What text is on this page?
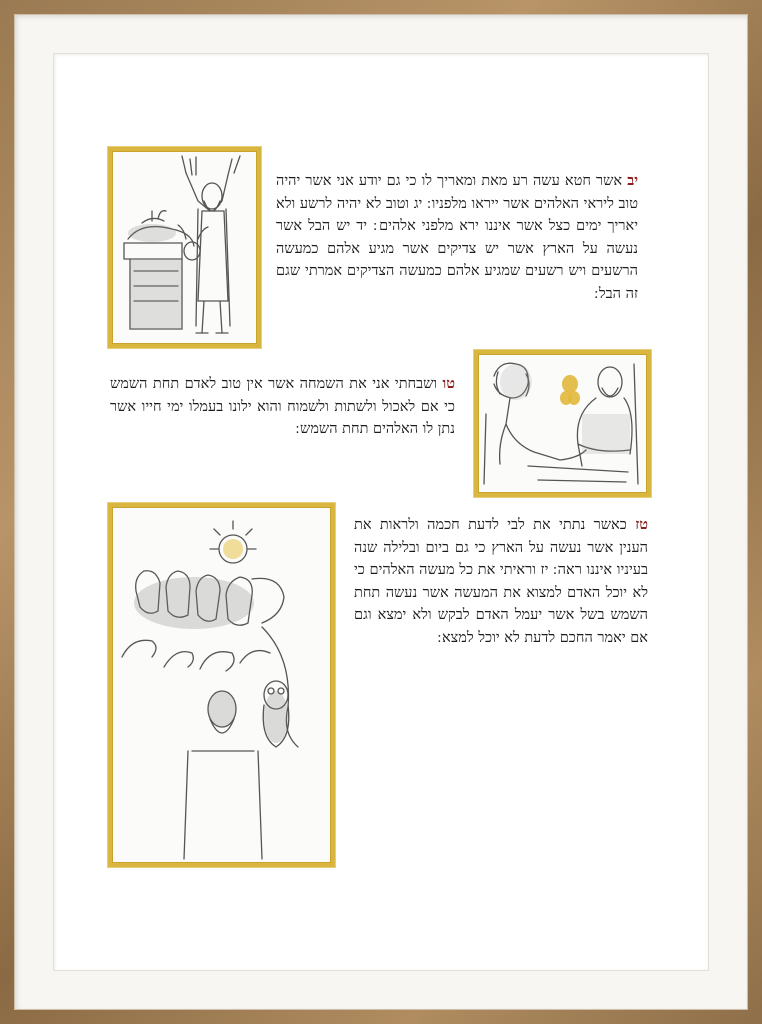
יב אשר חטא עשה רע מאת ומאריך לו כי גם יודע אני אשר יהיה טוב ליראי האלהים אשר ייראו מלפניו ׃ יג וטוב לא יהיה לרשע ולא יאריך ימים כצל אשר איננו ירא מלפני אלהים ׃ יד יש הבל אשר נעשה על הארץ אשר יש צדיקים אשר מגיע אלהם כמעשה הרשעים ויש רשעים שמגיע אלהם כמעשה הצדיקים אמרתי שגם זה הבל ׃

טו ושבחתי אני את השמחה אשר אין טוב לאדם תחת השמש כי אם לאכול ולשתות ולשמוח והוא ילונו בעמלו ימי חייו אשר נתן לו האלהים תחת השמש ׃

טז כאשר נתתי את לבי לדעת חכמה ולראות את הענין אשר נעשה על הארץ כי גם ביום ובלילה שנה בעיניו איננו ראה ׃ יז וראיתי את כל מעשה האלהים כי לא יוכל האדם למצוא את המעשה אשר נעשה תחת השמש בשל אשר יעמל האדם לבקש ולא ימצא וגם אם יאמר החכם לדעת לא יוכל למצא ׃
